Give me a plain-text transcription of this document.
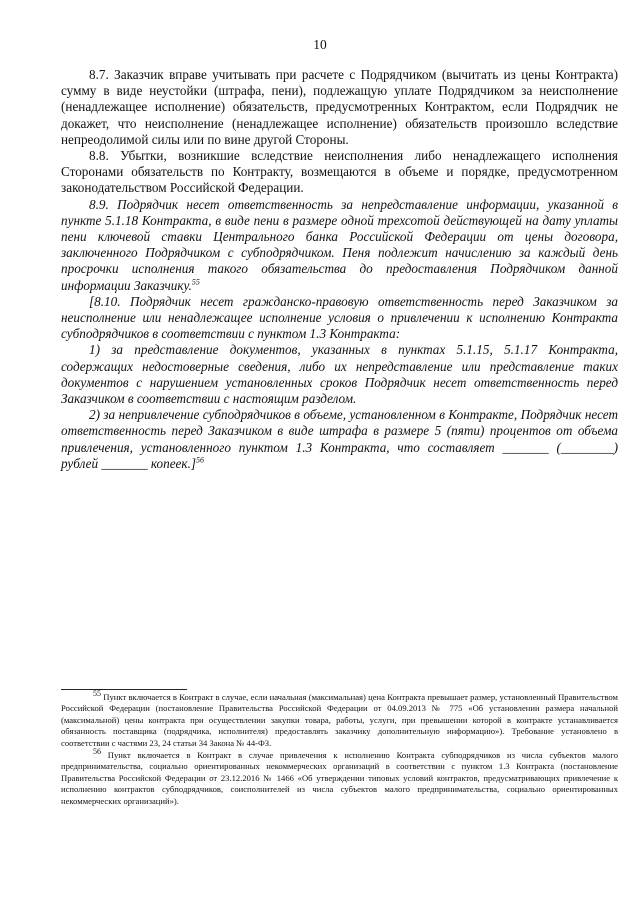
10

8.7. Заказчик вправе учитывать при расчете с Подрядчиком (вычитать из цены Контракта) сумму в виде неустойки (штрафа, пени), подлежащую уплате Подрядчиком за неисполнение (ненадлежащее исполнение) обязательств, предусмотренных Контрактом, если Подрядчик не докажет, что неисполнение (ненадлежащее исполнение) обязательств произошло вследствие непреодолимой силы или по вине другой Стороны.

8.8. Убытки, возникшие вследствие неисполнения либо ненадлежащего исполнения Сторонами обязательств по Контракту, возмещаются в объеме и порядке, предусмотренном законодательством Российской Федерации.

8.9. Подрядчик несет ответственность за непредставление информации, указанной в пункте 5.1.18 Контракта, в виде пени в размере одной трехсотой действующей на дату уплаты пени ключевой ставки Центрального банка Российской Федерации от цены договора, заключенного Подрядчиком с субподрядчиком. Пеня подлежит начислению за каждый день просрочки исполнения такого обязательства до предоставления Подрядчиком данной информации Заказчику.$^{55}$

[8.10. Подрядчик несет гражданско-правовую ответственность перед Заказчиком за неисполнение или ненадлежащее исполнение условия о привлечении к исполнению Контракта субподрядчиков в соответствии с пунктом 1.3 Контракта:

1) за представление документов, указанных в пунктах 5.1.15, 5.1.17 Контракта, содержащих недостоверные сведения, либо их непредставление или представление таких документов с нарушением установленных сроков Подрядчик несет ответственность перед Заказчиком в соответствии с настоящим разделом.

2) за непривлечение субподрядчиков в объеме, установленном в Контракте, Подрядчик несет ответственность перед Заказчиком в виде штрафа в размере 5 (пяти) процентов от объема привлечения, установленного пунктом 1.3 Контракта, что составляет _______ (________) рублей _______ копеек.]$^{56}$

$^{55}$ Пункт включается в Контракт в случае, если начальная (максимальная) цена Контракта превышает размер, установленный Правительством Российской Федерации (постановление Правительства Российской Федерации от 04.09.2013 № 775 «Об установлении размера начальной (максимальной) цены контракта при осуществлении закупки товара, работы, услуги, при превышении которой в контракте устанавливается обязанность поставщика (подрядчика, исполнителя) предоставлять заказчику дополнительную информацию»). Требование установлено в соответствии с частями 23, 24 статьи 34 Закона № 44-ФЗ.

$^{56}$ Пункт включается в Контракт в случае привлечения к исполнению Контракта субподрядчиков из числа субъектов малого предпринимательства, социально ориентированных некоммерческих организаций в соответствии с пунктом 1.3 Контракта (постановление Правительства Российской Федерации от 23.12.2016 № 1466 «Об утверждении типовых условий контрактов, предусматривающих привлечение к исполнению контрактов субподрядчиков, соисполнителей из числа субъектов малого предпринимательства, социально ориентированных некоммерческих организаций»).
